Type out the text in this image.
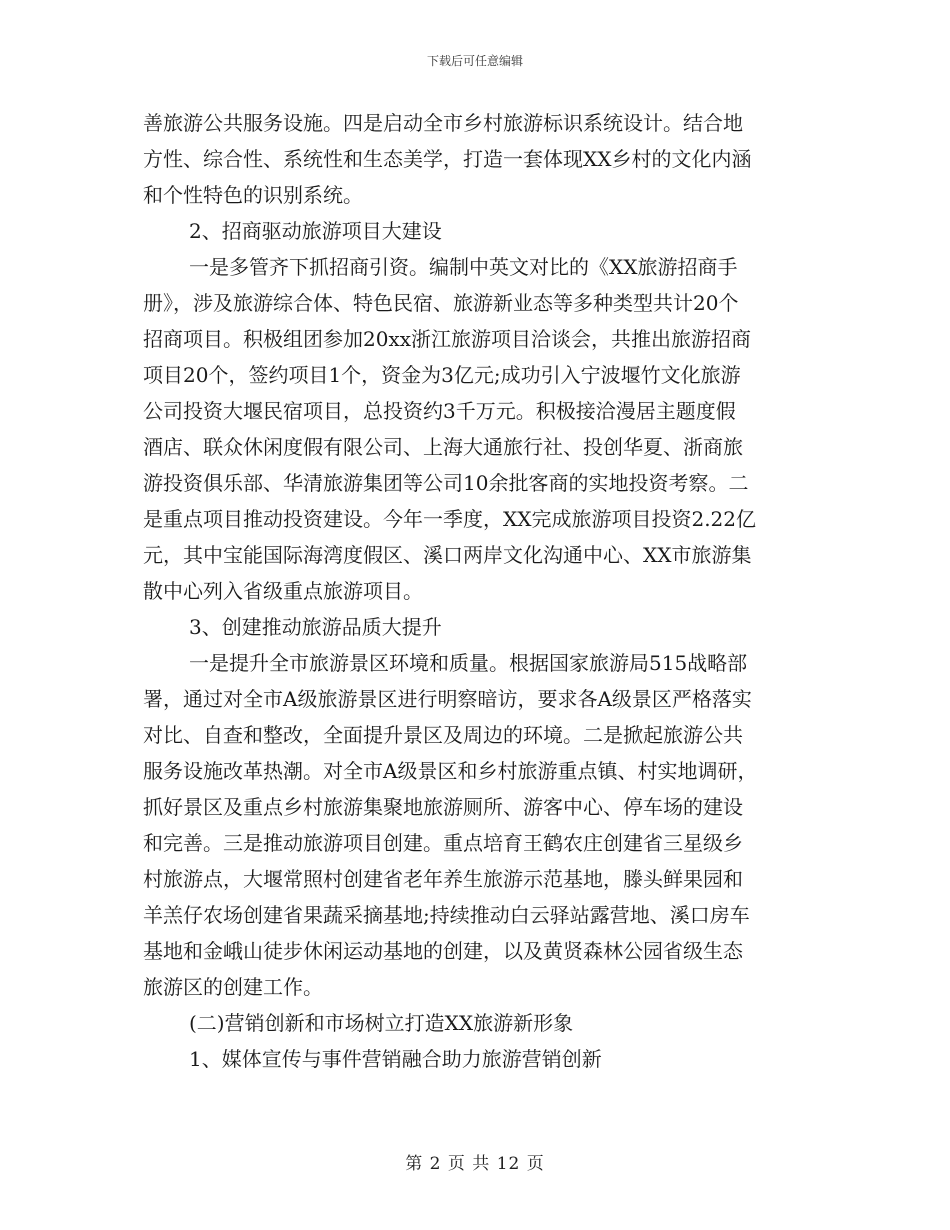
下载后可任意编辑
善旅游公共服务设施。四是启动全市乡村旅游标识系统设计。结合地
方性、综合性、系统性和生态美学，打造一套体现XX乡村的文化内涵
和个性特色的识别系统。
2、招商驱动旅游项目大建设
一是多管齐下抓招商引资。编制中英文对比的《XX旅游招商手
册》，涉及旅游综合体、特色民宿、旅游新业态等多种类型共计20个
招商项目。积极组团参加20xx浙江旅游项目洽谈会，共推出旅游招商
项目20个，签约项目1个，资金为3亿元;成功引入宁波堰竹文化旅游
公司投资大堰民宿项目，总投资约3千万元。积极接洽漫居主题度假
酒店、联众休闲度假有限公司、上海大通旅行社、投创华夏、浙商旅
游投资俱乐部、华清旅游集团等公司10余批客商的实地投资考察。二
是重点项目推动投资建设。今年一季度，XX完成旅游项目投资2.22亿
元，其中宝能国际海湾度假区、溪口两岸文化沟通中心、XX市旅游集
散中心列入省级重点旅游项目。
3、创建推动旅游品质大提升
一是提升全市旅游景区环境和质量。根据国家旅游局515战略部
署，通过对全市A级旅游景区进行明察暗访，要求各A级景区严格落实
对比、自查和整改，全面提升景区及周边的环境。二是掀起旅游公共
服务设施改革热潮。对全市A级景区和乡村旅游重点镇、村实地调研，
抓好景区及重点乡村旅游集聚地旅游厕所、游客中心、停车场的建设
和完善。三是推动旅游项目创建。重点培育王鹤农庄创建省三星级乡
村旅游点，大堰常照村创建省老年养生旅游示范基地，滕头鲜果园和
羊羔仔农场创建省果蔬采摘基地;持续推动白云驿站露营地、溪口房车
基地和金峨山徒步休闲运动基地的创建，以及黄贤森林公园省级生态
旅游区的创建工作。
(二)营销创新和市场树立打造XX旅游新形象
1、媒体宣传与事件营销融合助力旅游营销创新
第 2 页 共 12 页
